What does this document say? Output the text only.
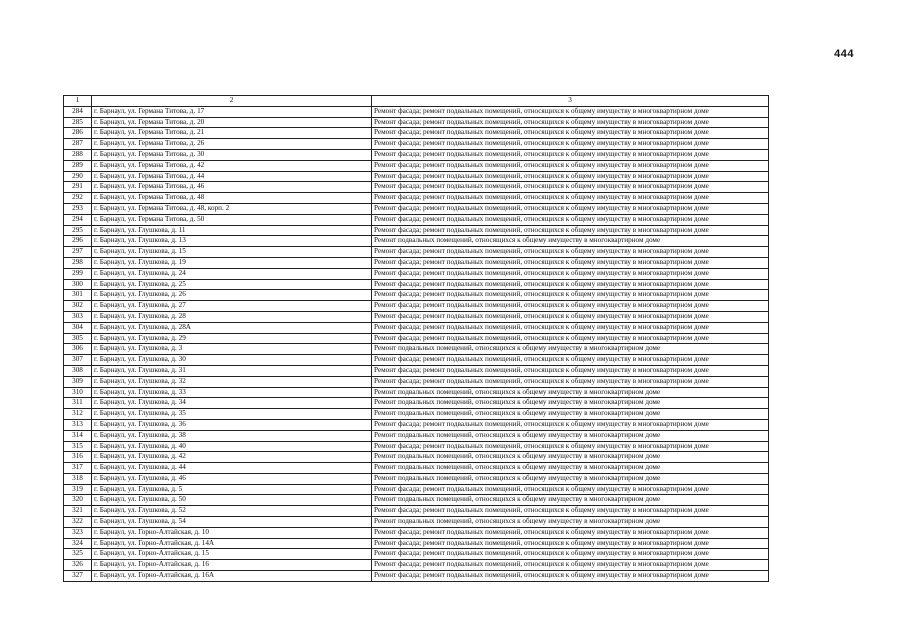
444
1	2	3
284	г. Барнаул, ул. Германа Титова, д. 17	Ремонт фасада; ремонт подвальных помещений, относящихся к общему имуществу в многоквартирном доме
285	г. Барнаул, ул. Германа Титова, д. 20	Ремонт фасада; ремонт подвальных помещений, относящихся к общему имуществу в многоквартирном доме
286	г. Барнаул, ул. Германа Титова, д. 21	Ремонт фасада; ремонт подвальных помещений, относящихся к общему имуществу в многоквартирном доме
287	г. Барнаул, ул. Германа Титова, д. 26	Ремонт фасада; ремонт подвальных помещений, относящихся к общему имуществу в многоквартирном доме
288	г. Барнаул, ул. Германа Титова, д. 30	Ремонт фасада; ремонт подвальных помещений, относящихся к общему имуществу в многоквартирном доме
289	г. Барнаул, ул. Германа Титова, д. 42	Ремонт фасада; ремонт подвальных помещений, относящихся к общему имуществу в многоквартирном доме
290	г. Барнаул, ул. Германа Титова, д. 44	Ремонт фасада; ремонт подвальных помещений, относящихся к общему имуществу в многоквартирном доме
291	г. Барнаул, ул. Германа Титова, д. 46	Ремонт фасада; ремонт подвальных помещений, относящихся к общему имуществу в многоквартирном доме
292	г. Барнаул, ул. Германа Титова, д. 48	Ремонт фасада; ремонт подвальных помещений, относящихся к общему имуществу в многоквартирном доме
293	г. Барнаул, ул. Германа Титова, д. 48, корп. 2	Ремонт фасада; ремонт подвальных помещений, относящихся к общему имуществу в многоквартирном доме
294	г. Барнаул, ул. Германа Титова, д. 50	Ремонт фасада; ремонт подвальных помещений, относящихся к общему имуществу в многоквартирном доме
295	г. Барнаул, ул. Глушкова, д. 11	Ремонт фасада; ремонт подвальных помещений, относящихся к общему имуществу в многоквартирном доме
296	г. Барнаул, ул. Глушкова, д. 13	Ремонт подвальных помещений, относящихся к общему имуществу в многоквартирном доме
297	г. Барнаул, ул. Глушкова, д. 15	Ремонт фасада; ремонт подвальных помещений, относящихся к общему имуществу в многоквартирном доме
298	г. Барнаул, ул. Глушкова, д. 19	Ремонт фасада; ремонт подвальных помещений, относящихся к общему имуществу в многоквартирном доме
299	г. Барнаул, ул. Глушкова, д. 24	Ремонт фасада; ремонт подвальных помещений, относящихся к общему имуществу в многоквартирном доме
300	г. Барнаул, ул. Глушкова, д. 25	Ремонт фасада; ремонт подвальных помещений, относящихся к общему имуществу в многоквартирном доме
301	г. Барнаул, ул. Глушкова, д. 26	Ремонт фасада; ремонт подвальных помещений, относящихся к общему имуществу в многоквартирном доме
302	г. Барнаул, ул. Глушкова, д. 27	Ремонт фасада; ремонт подвальных помещений, относящихся к общему имуществу в многоквартирном доме
303	г. Барнаул, ул. Глушкова, д. 28	Ремонт фасада; ремонт подвальных помещений, относящихся к общему имуществу в многоквартирном доме
304	г. Барнаул, ул. Глушкова, д. 28А	Ремонт фасада; ремонт подвальных помещений, относящихся к общему имуществу в многоквартирном доме
305	г. Барнаул, ул. Глушкова, д. 29	Ремонт фасада; ремонт подвальных помещений, относящихся к общему имуществу в многоквартирном доме
306	г. Барнаул, ул. Глушкова, д. 3	Ремонт подвальных помещений, относящихся к общему имуществу в многоквартирном доме
307	г. Барнаул, ул. Глушкова, д. 30	Ремонт фасада; ремонт подвальных помещений, относящихся к общему имуществу в многоквартирном доме
308	г. Барнаул, ул. Глушкова, д. 31	Ремонт фасада; ремонт подвальных помещений, относящихся к общему имуществу в многоквартирном доме
309	г. Барнаул, ул. Глушкова, д. 32	Ремонт фасада; ремонт подвальных помещений, относящихся к общему имуществу в многоквартирном доме
310	г. Барнаул, ул. Глушкова, д. 33	Ремонт подвальных помещений, относящихся к общему имуществу в многоквартирном доме
311	г. Барнаул, ул. Глушкова, д. 34	Ремонт подвальных помещений, относящихся к общему имуществу в многоквартирном доме
312	г. Барнаул, ул. Глушкова, д. 35	Ремонт подвальных помещений, относящихся к общему имуществу в многоквартирном доме
313	г. Барнаул, ул. Глушкова, д. 36	Ремонт фасада; ремонт подвальных помещений, относящихся к общему имуществу в многоквартирном доме
314	г. Барнаул, ул. Глушкова, д. 38	Ремонт подвальных помещений, относящихся к общему имуществу в многоквартирном доме
315	г. Барнаул, ул. Глушкова, д. 40	Ремонт фасада; ремонт подвальных помещений, относящихся к общему имуществу в многоквартирном доме
316	г. Барнаул, ул. Глушкова, д. 42	Ремонт подвальных помещений, относящихся к общему имуществу в многоквартирном доме
317	г. Барнаул, ул. Глушкова, д. 44	Ремонт подвальных помещений, относящихся к общему имуществу в многоквартирном доме
318	г. Барнаул, ул. Глушкова, д. 46	Ремонт подвальных помещений, относящихся к общему имуществу в многоквартирном доме
319	г. Барнаул, ул. Глушкова, д. 5	Ремонт фасада; ремонт подвальных помещений, относящихся к общему имуществу в многоквартирном доме
320	г. Барнаул, ул. Глушкова, д. 50	Ремонт подвальных помещений, относящихся к общему имуществу в многоквартирном доме
321	г. Барнаул, ул. Глушкова, д. 52	Ремонт фасада; ремонт подвальных помещений, относящихся к общему имуществу в многоквартирном доме
322	г. Барнаул, ул. Глушкова, д. 54	Ремонт подвальных помещений, относящихся к общему имуществу в многоквартирном доме
323	г. Барнаул, ул. Горно-Алтайская, д. 10	Ремонт фасада; ремонт подвальных помещений, относящихся к общему имуществу в многоквартирном доме
324	г. Барнаул, ул. Горно-Алтайская, д. 14А	Ремонт фасада; ремонт подвальных помещений, относящихся к общему имуществу в многоквартирном доме
325	г. Барнаул, ул. Горно-Алтайская, д. 15	Ремонт фасада; ремонт подвальных помещений, относящихся к общему имуществу в многоквартирном доме
326	г. Барнаул, ул. Горно-Алтайская, д. 16	Ремонт фасада; ремонт подвальных помещений, относящихся к общему имуществу в многоквартирном доме
327	г. Барнаул, ул. Горно-Алтайская, д. 16А	Ремонт фасада; ремонт подвальных помещений, относящихся к общему имуществу в многоквартирном доме
